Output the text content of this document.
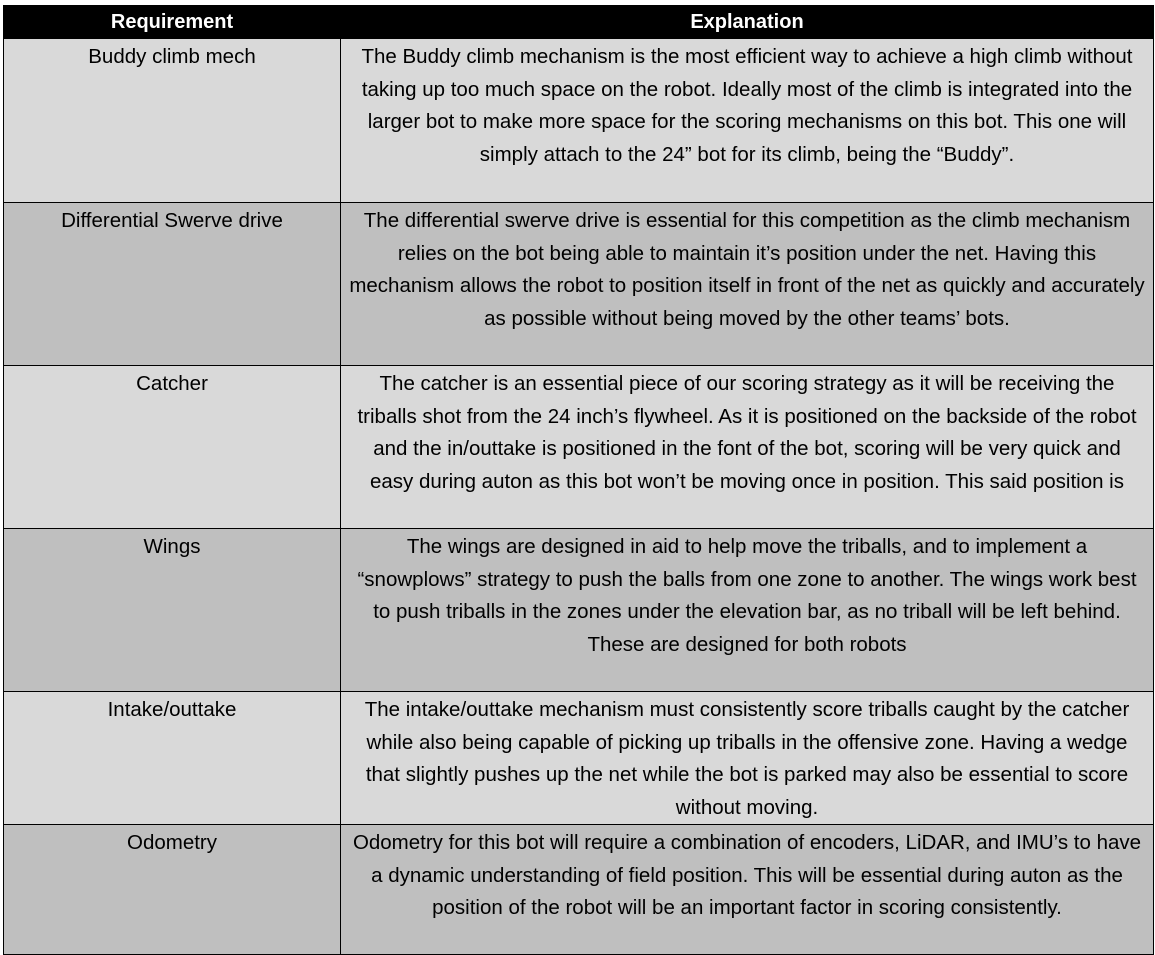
Requirement	Explanation
Buddy climb mech	The Buddy climb mechanism is the most efficient way to achieve a high climb without taking up too much space on the robot. Ideally most of the climb is integrated into the larger bot to make more space for the scoring mechanisms on this bot. This one will simply attach to the 24” bot for its climb, being the “Buddy”.
Differential Swerve drive	The differential swerve drive is essential for this competition as the climb mechanism relies on the bot being able to maintain it’s position under the net. Having this mechanism allows the robot to position itself in front of the net as quickly and accurately as possible without being moved by the other teams’ bots.
Catcher	The catcher is an essential piece of our scoring strategy as it will be receiving the triballs shot from the 24 inch’s flywheel. As it is positioned on the backside of the robot and the in/outtake is positioned in the font of the bot, scoring will be very quick and easy during auton as this bot won’t be moving once in position. This said position is
Wings	The wings are designed in aid to help move the triballs, and to implement a “snowplows” strategy to push the balls from one zone to another. The wings work best to push triballs in the zones under the elevation bar, as no triball will be left behind. These are designed for both robots
Intake/outtake	The intake/outtake mechanism must consistently score triballs caught by the catcher while also being capable of picking up triballs in the offensive zone. Having a wedge that slightly pushes up the net while the bot is parked may also be essential to score without moving.
Odometry	Odometry for this bot will require a combination of encoders, LiDAR, and IMU’s to have a dynamic understanding of field position. This will be essential during auton as the position of the robot will be an important factor in scoring consistently.
